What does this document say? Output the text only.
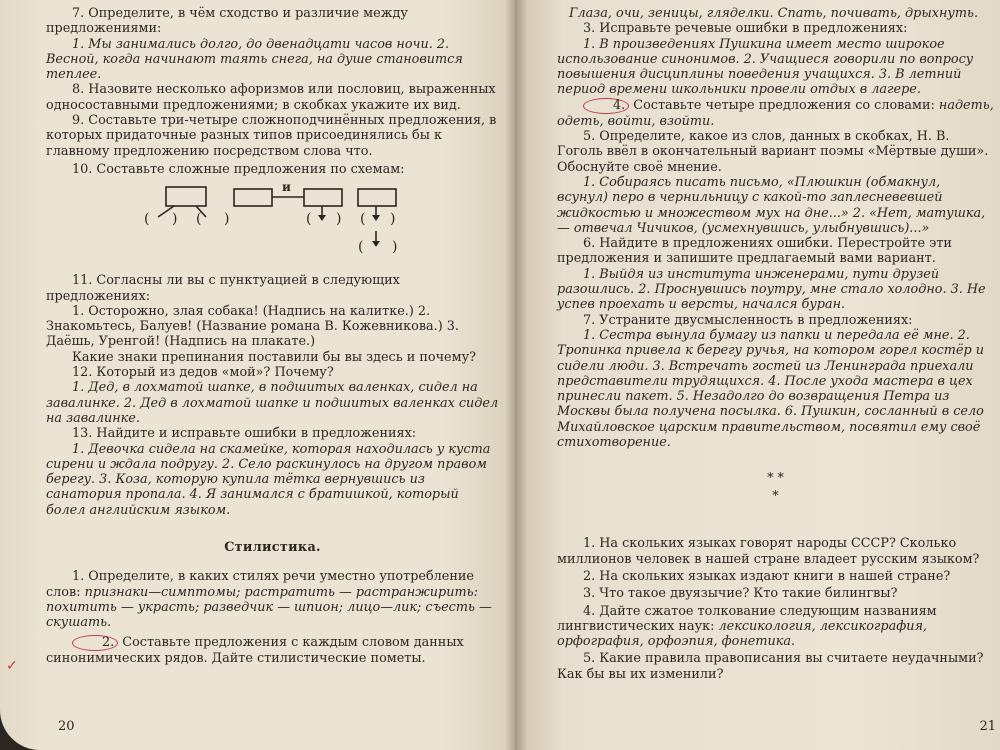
7. Определите, в чём сходство и различие между предложениями:

1. Мы занимались долго, до двенадцати часов ночи. 2. Весной, когда начинают таять снега, на душе становится теплее.

8. Назовите несколько афоризмов или пословиц, выраженных односоставными предложениями; в скобках укажите их вид.

9. Составьте три-четыре сложноподчинённых предложения, в которых придаточные разных типов присоединялись бы к главному предложению посредством слова что.

10. Составьте сложные предложения по схемам:

( ) ( )	( ) ( )
( )
и

11. Согласны ли вы с пунктуацией в следующих предложениях:

1. Осторожно, злая собака! (Надпись на калитке.) 2. Знакомьтесь, Балуев! (Название романа В. Кожевникова.) 3. Даёшь, Уренгой! (Надпись на плакате.)

Какие знаки препинания поставили бы вы здесь и почему?

12. Который из дедов «мой»? Почему?

1. Дед, в лохматой шапке, в подшитых валенках, сидел на завалинке. 2. Дед в лохматой шапке и подшитых валенках сидел на завалинке.

13. Найдите и исправьте ошибки в предложениях:

1. Девочка сидела на скамейке, которая находилась у куста сирени и ждала подругу. 2. Село раскинулось на другом правом берегу. 3. Коза, которую купила тётка вернувшись из санатория пропала. 4. Я занимался с братишкой, который болел английским языком.

Стилистика.

1. Определите, в каких стилях речи уместно употребление слов: признаки—симптомы; растратить — растранжирить: похитить — украсть; разведчик — шпион; лицо—лик; съесть — скушать.

2. Составьте предложения с каждым словом данных синонимических рядов. Дайте стилистические пометы.

20
✓

Глаза, очи, зеницы, гляделки. Спать, почивать, дрыхнуть.

3. Исправьте речевые ошибки в предложениях:

1. В произведениях Пушкина имеет место широкое использование синонимов. 2. Учащиеся говорили по вопросу повышения дисциплины поведения учащихся. 3. В летний период времени школьники провели отдых в лагере.

4. Составьте четыре предложения со словами: надеть, одеть, войти, взойти.

5. Определите, какое из слов, данных в скобках, Н. В. Гоголь ввёл в окончательный вариант поэмы «Мёртвые души». Обоснуйте своё мнение.

1. Собираясь писать письмо, «Плюшкин (обмакнул, всунул) перо в чернильницу с какой-то заплесневевшей жидкостью и множеством мух на дне...» 2. «Нет, матушка,— отвечал Чичиков, (усмехнувшись, улыбнувшись)...»

6. Найдите в предложениях ошибки. Перестройте эти предложения и запишите предлагаемый вами вариант.

1. Выйдя из института инженерами, пути друзей разошлись. 2. Проснувшись поутру, мне стало холодно. 3. Не успев проехать и версты, начался буран.

7. Устраните двусмысленность в предложениях:

1. Сестра вынула бумагу из папки и передала её мне. 2. Тропинка привела к берегу ручья, на котором горел костёр и сидели люди. 3. Встречать гостей из Ленинграда приехали представители трудящихся. 4. После ухода мастера в цех принесли пакет. 5. Незадолго до возвращения Петра из Москвы была получена посылка. 6. Пушкин, сосланный в село Михайловское царским правительством, посвятил ему своё стихотворение.

* *
*

1. На скольких языках говорят народы СССР? Сколько миллионов человек в нашей стране владеет русским языком?

2. На скольких языках издают книги в нашей стране?

3. Что такое двуязычие? Кто такие билингвы?

4. Дайте сжатое толкование следующим названиям лингвистических наук: лексикология, лексикография, орфография, орфоэпия, фонетика.

5. Какие правила правописания вы считаете неудачными? Как бы вы их изменили?

21
